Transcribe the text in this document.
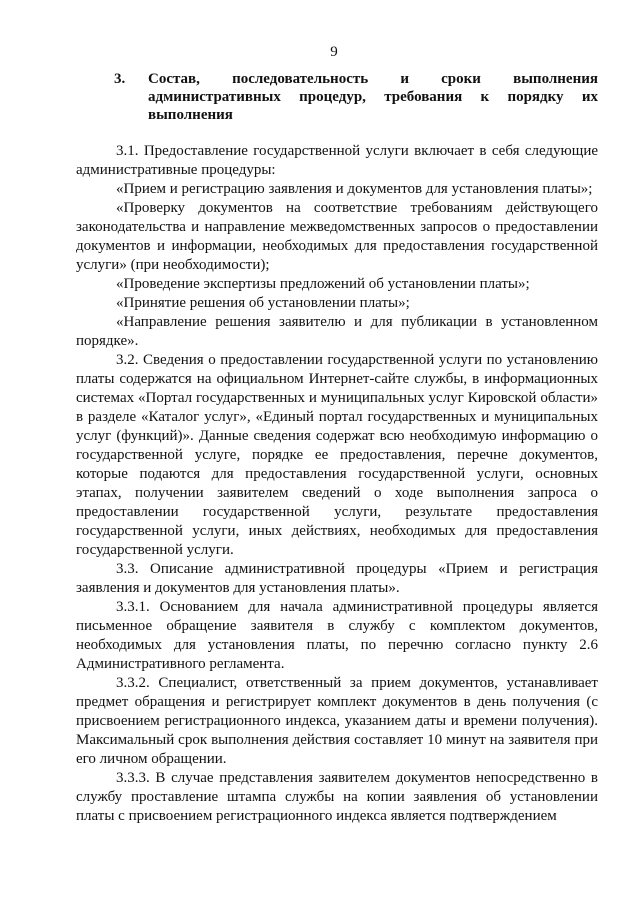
9
3.	Состав, последовательность и сроки выполнения
административных процедур, требования к порядку их
выполнения

3.1. Предоставление государственной услуги включает в себя следующие административные процедуры:

«Прием и регистрацию заявления и документов для установления платы»;

«Проверку документов на соответствие требованиям действующего законодательства и направление межведомственных запросов о предоставлении документов и информации, необходимых для предоставления государственной услуги» (при необходимости);

«Проведение экспертизы предложений об установлении платы»;

«Принятие решения об установлении платы»;

«Направление решения заявителю и для публикации в установленном порядке».

3.2. Сведения о предоставлении государственной услуги по установлению платы содержатся на официальном Интернет-сайте службы, в информационных системах «Портал государственных и муниципальных услуг Кировской области» в разделе «Каталог услуг», «Единый портал государственных и муниципальных услуг (функций)». Данные сведения содержат всю необходимую информацию о государственной услуге, порядке ее предоставления, перечне документов, которые подаются для предоставления государственной услуги, основных этапах, получении заявителем сведений о ходе выполнения запроса о предоставлении государственной услуги, результате предоставления государственной услуги, иных действиях, необходимых для предоставления государственной услуги.

3.3. Описание административной процедуры «Прием и регистрация заявления и документов для установления платы».

3.3.1. Основанием для начала административной процедуры является письменное обращение заявителя в службу с комплектом документов, необходимых для установления платы, по перечню согласно пункту 2.6 Административного регламента.

3.3.2. Специалист, ответственный за прием документов, устанавливает предмет обращения и регистрирует комплект документов в день получения (с присвоением регистрационного индекса, указанием даты и времени получения). Максимальный срок выполнения действия составляет 10 минут на заявителя при его личном обращении.

3.3.3. В случае представления заявителем документов непосредственно в службу проставление штампа службы на копии заявления об установлении платы с присвоением регистрационного индекса является подтверждением
